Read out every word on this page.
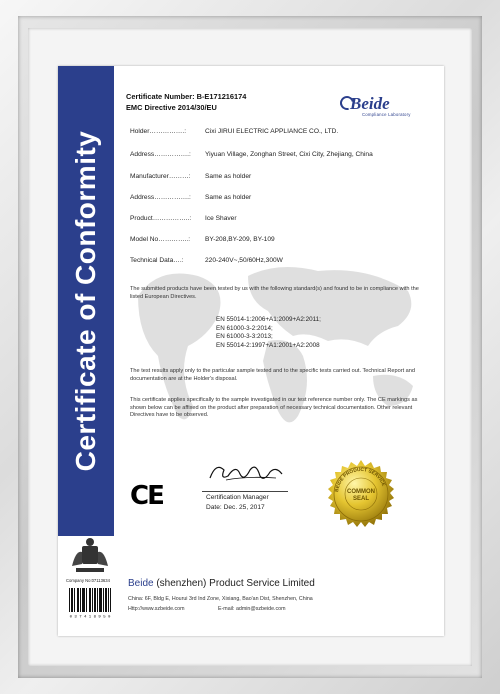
Certificate of Conformity
Certificate Number: B-E171216174
EMC Directive 2014/30/EU	Beide
Compliance Laboratory
Holder…………….:	Cixi JIRUI ELECTRIC APPLIANCE CO., LTD.
Address…………….: Yiyuan Village, Zonghan Street, Cixi City, Zhejiang, China
Manufacturer………: Same as holder
Address…………….: Same as holder
Product……………..: Ice Shaver
Model No…………..: BY-208,BY-209, BY-109
Technical Data….:	220-240V~,50/60Hz,300W
The submitted products have been tested by us with the following standard(s) and found to be in compliance with the listed European Directives.
EN 55014-1:2006+A1:2009+A2:2011;
EN 61000-3-2:2014;
EN 61000-3-3:2013;
EN 55014-2:1997+A1:2001+A2:2008
The test results apply only to the particular sample tested and to the specific tests carried out. Technical Report and documentation are at the Holder's disposal.
This certificate applies specifically to the sample investigated in our test reference number only. The CE markings as shown below can be affixed on the product after preparation of necessary technical documentation. Other relevant Directives have to be observed.
CE	Certification Manager
Date: Dec. 25, 2017
BEIDE PRODUCT SERVICE
COMMON
SEAL
Company No:07113634
0 3 7 4 1 8 9 5 0
Beide (shenzhen) Product Service Limited
China: 6F, Bldg E, Hourui 3rd Ind Zone, Xixiang, Bao'an Dist, Shenzhen, China
Http://www.szbeide.com	E-mail: admin@szbeide.com
